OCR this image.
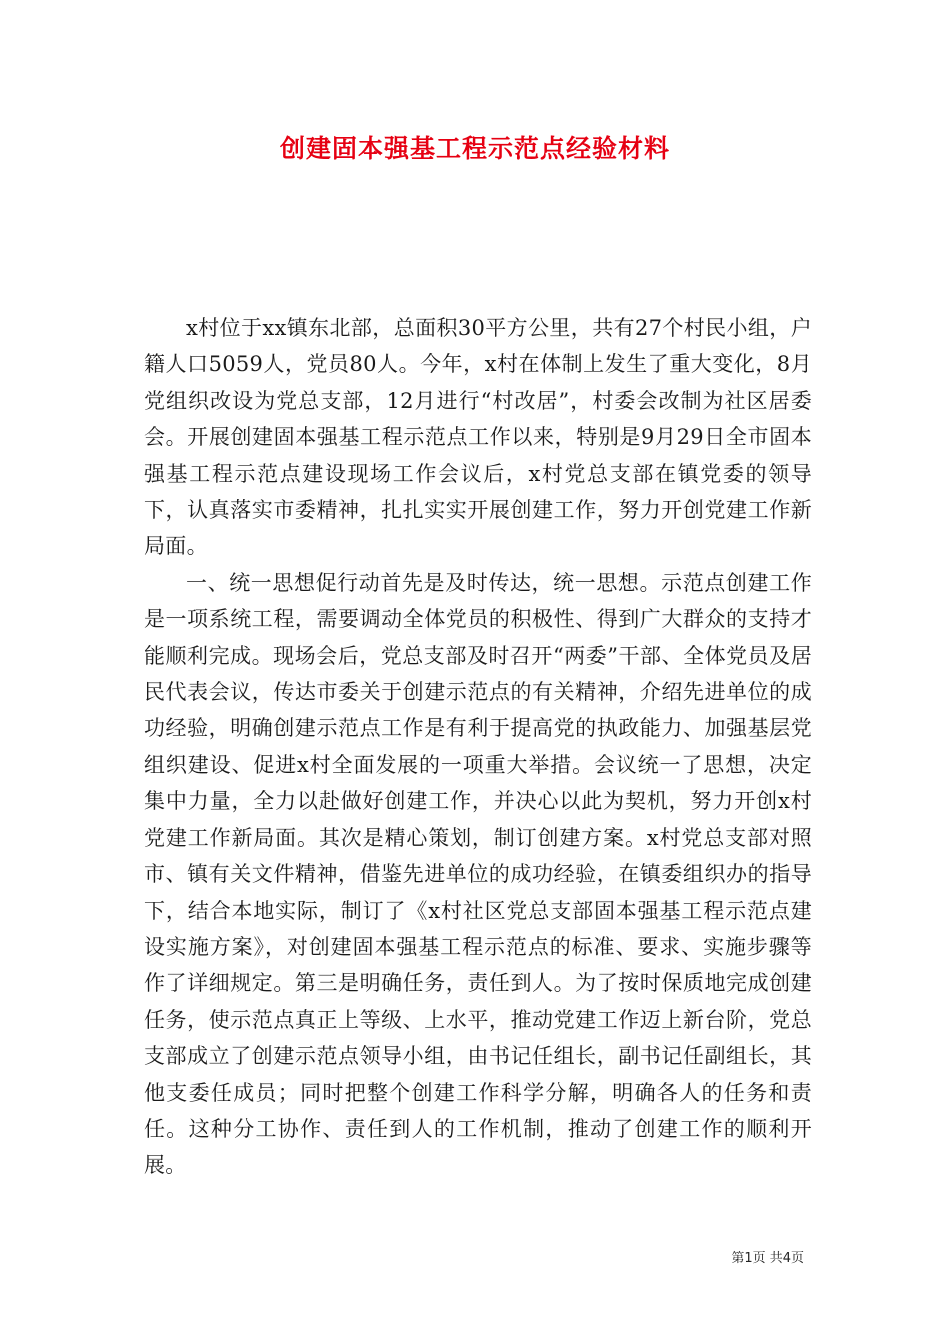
创建固本强基工程示范点经验材料

x村位于xx镇东北部，总面积30平方公里，共有27个村民小组，户籍人口5059人，党员80人。今年，x村在体制上发生了重大变化，8月党组织改设为党总支部，12月进行“村改居”，村委会改制为社区居委会。开展创建固本强基工程示范点工作以来，特别是9月29日全市固本强基工程示范点建设现场工作会议后，x村党总支部在镇党委的领导下，认真落实市委精神，扎扎实实开展创建工作，努力开创党建工作新局面。

一、统一思想促行动首先是及时传达，统一思想。示范点创建工作是一项系统工程，需要调动全体党员的积极性、得到广大群众的支持才能顺利完成。现场会后，党总支部及时召开“两委”干部、全体党员及居民代表会议，传达市委关于创建示范点的有关精神，介绍先进单位的成功经验，明确创建示范点工作是有利于提高党的执政能力、加强基层党组织建设、促进x村全面发展的一项重大举措。会议统一了思想，决定集中力量，全力以赴做好创建工作，并决心以此为契机，努力开创x村党建工作新局面。其次是精心策划，制订创建方案。x村党总支部对照市、镇有关文件精神，借鉴先进单位的成功经验，在镇委组织办的指导下，结合本地实际，制订了《x村社区党总支部固本强基工程示范点建设实施方案》，对创建固本强基工程示范点的标准、要求、实施步骤等作了详细规定。第三是明确任务，责任到人。为了按时保质地完成创建任务，使示范点真正上等级、上水平，推动党建工作迈上新台阶，党总支部成立了创建示范点领导小组，由书记任组长，副书记任副组长，其他支委任成员；同时把整个创建工作科学分解，明确各人的任务和责任。这种分工协作、责任到人的工作机制，推动了创建工作的顺利开展。

第1页 共4页
